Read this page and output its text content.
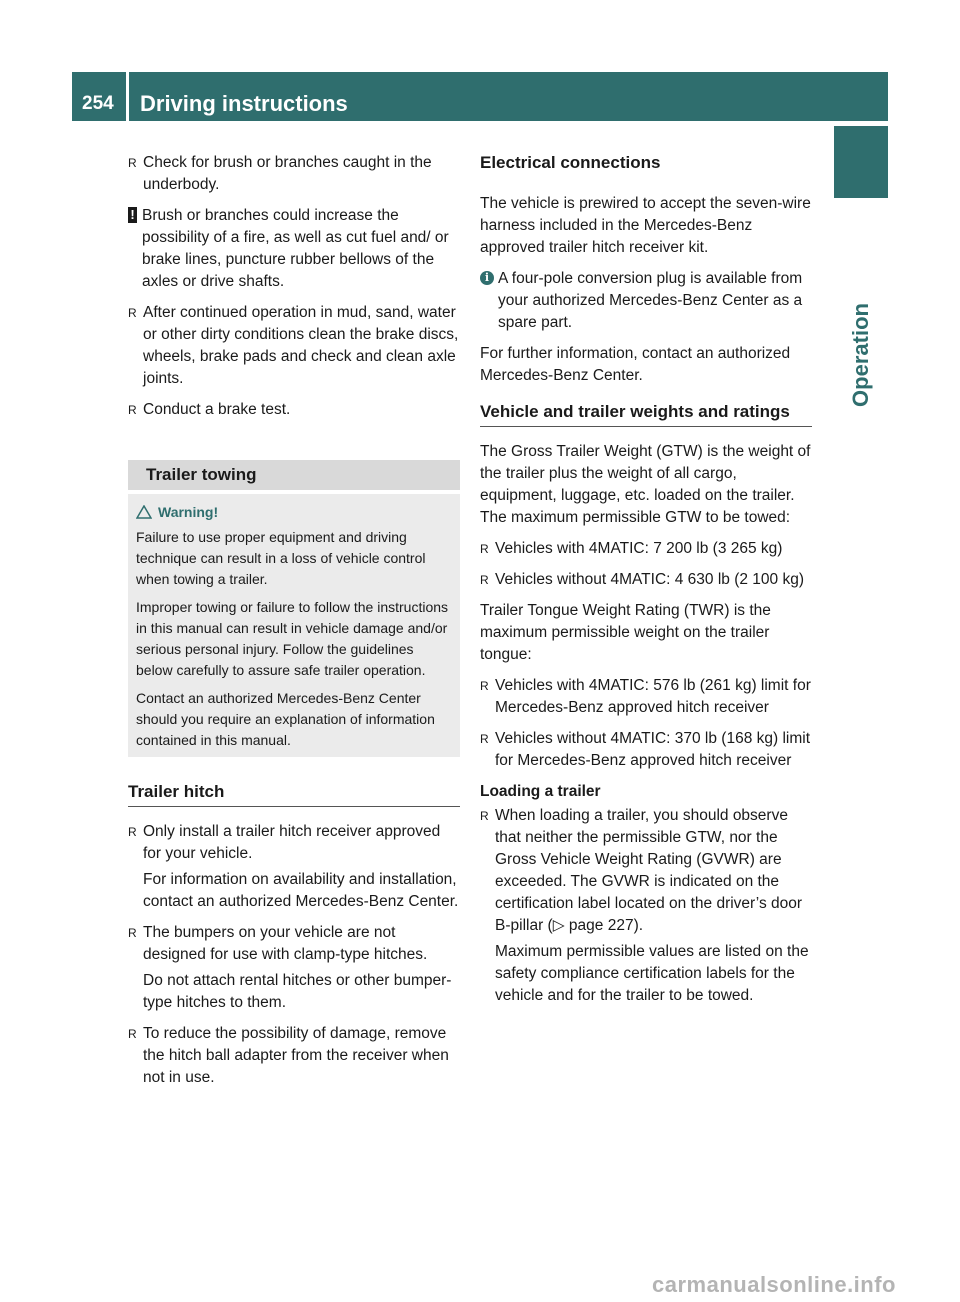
254	Driving instructions
Operation
R Check for brush or branches caught in the underbody.
! Brush or branches could increase the possibility of a fire, as well as cut fuel and/ or brake lines, puncture rubber bellows of the axles or drive shafts.
R After continued operation in mud, sand, water or other dirty conditions clean the brake discs, wheels, brake pads and check and clean axle joints.
R Conduct a brake test.
Trailer towing
Warning!

Failure to use proper equipment and driving technique can result in a loss of vehicle control when towing a trailer.

Improper towing or failure to follow the instructions in this manual can result in vehicle damage and/or serious personal injury. Follow the guidelines below carefully to assure safe trailer operation.

Contact an authorized Mercedes-Benz Center should you require an explanation of information contained in this manual.

Trailer hitch
R Only install a trailer hitch receiver approved for your vehicle.
For information on availability and installation, contact an authorized Mercedes-Benz Center.
R The bumpers on your vehicle are not designed for use with clamp-type hitches.
Do not attach rental hitches or other bumper-type hitches to them.
R To reduce the possibility of damage, remove the hitch ball adapter from the receiver when not in use.
Electrical connections

The vehicle is prewired to accept the seven-wire harness included in the Mercedes-Benz approved trailer hitch receiver kit.

i A four-pole conversion plug is available from your authorized Mercedes-Benz Center as a spare part.

For further information, contact an authorized Mercedes-Benz Center.

Vehicle and trailer weights and ratings

The Gross Trailer Weight (GTW) is the weight of the trailer plus the weight of all cargo, equipment, luggage, etc. loaded on the trailer. The maximum permissible GTW to be towed:

R Vehicles with 4MATIC: 7 200 lb (3 265 kg)
R Vehicles without 4MATIC: 4 630 lb (2 100 kg)

Trailer Tongue Weight Rating (TWR) is the maximum permissible weight on the trailer tongue:

R Vehicles with 4MATIC: 576 lb (261 kg) limit for Mercedes-Benz approved hitch receiver
R Vehicles without 4MATIC: 370 lb (168 kg) limit for Mercedes-Benz approved hitch receiver
Loading a trailer
R When loading a trailer, you should observe that neither the permissible GTW, nor the Gross Vehicle Weight Rating (GVWR) are exceeded. The GVWR is indicated on the certification label located on the driver’s door B-pillar (▷ page 227).
Maximum permissible values are listed on the safety compliance certification labels for the vehicle and for the trailer to be towed.
carmanualsonline.info
